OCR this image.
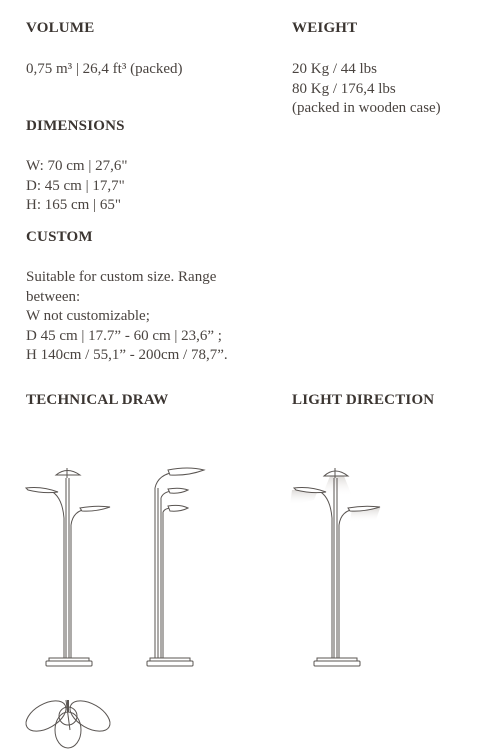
VOLUME

0,75 m³ | 26,4 ft³ (packed)

WEIGHT
20 Kg / 44 lbs
80 Kg / 176,4 lbs
(packed in wooden case)
DIMENSIONS
W: 70 cm | 27,6"
D: 45 cm | 17,7"
H: 165 cm | 65"
CUSTOM
Suitable for custom size. Range
between:
W not customizable;
D 45 cm | 17.7” - 60 cm | 23,6” ;
H 140cm / 55,1” - 200cm / 78,7”.
TECHNICAL DRAW	LIGHT DIRECTION
